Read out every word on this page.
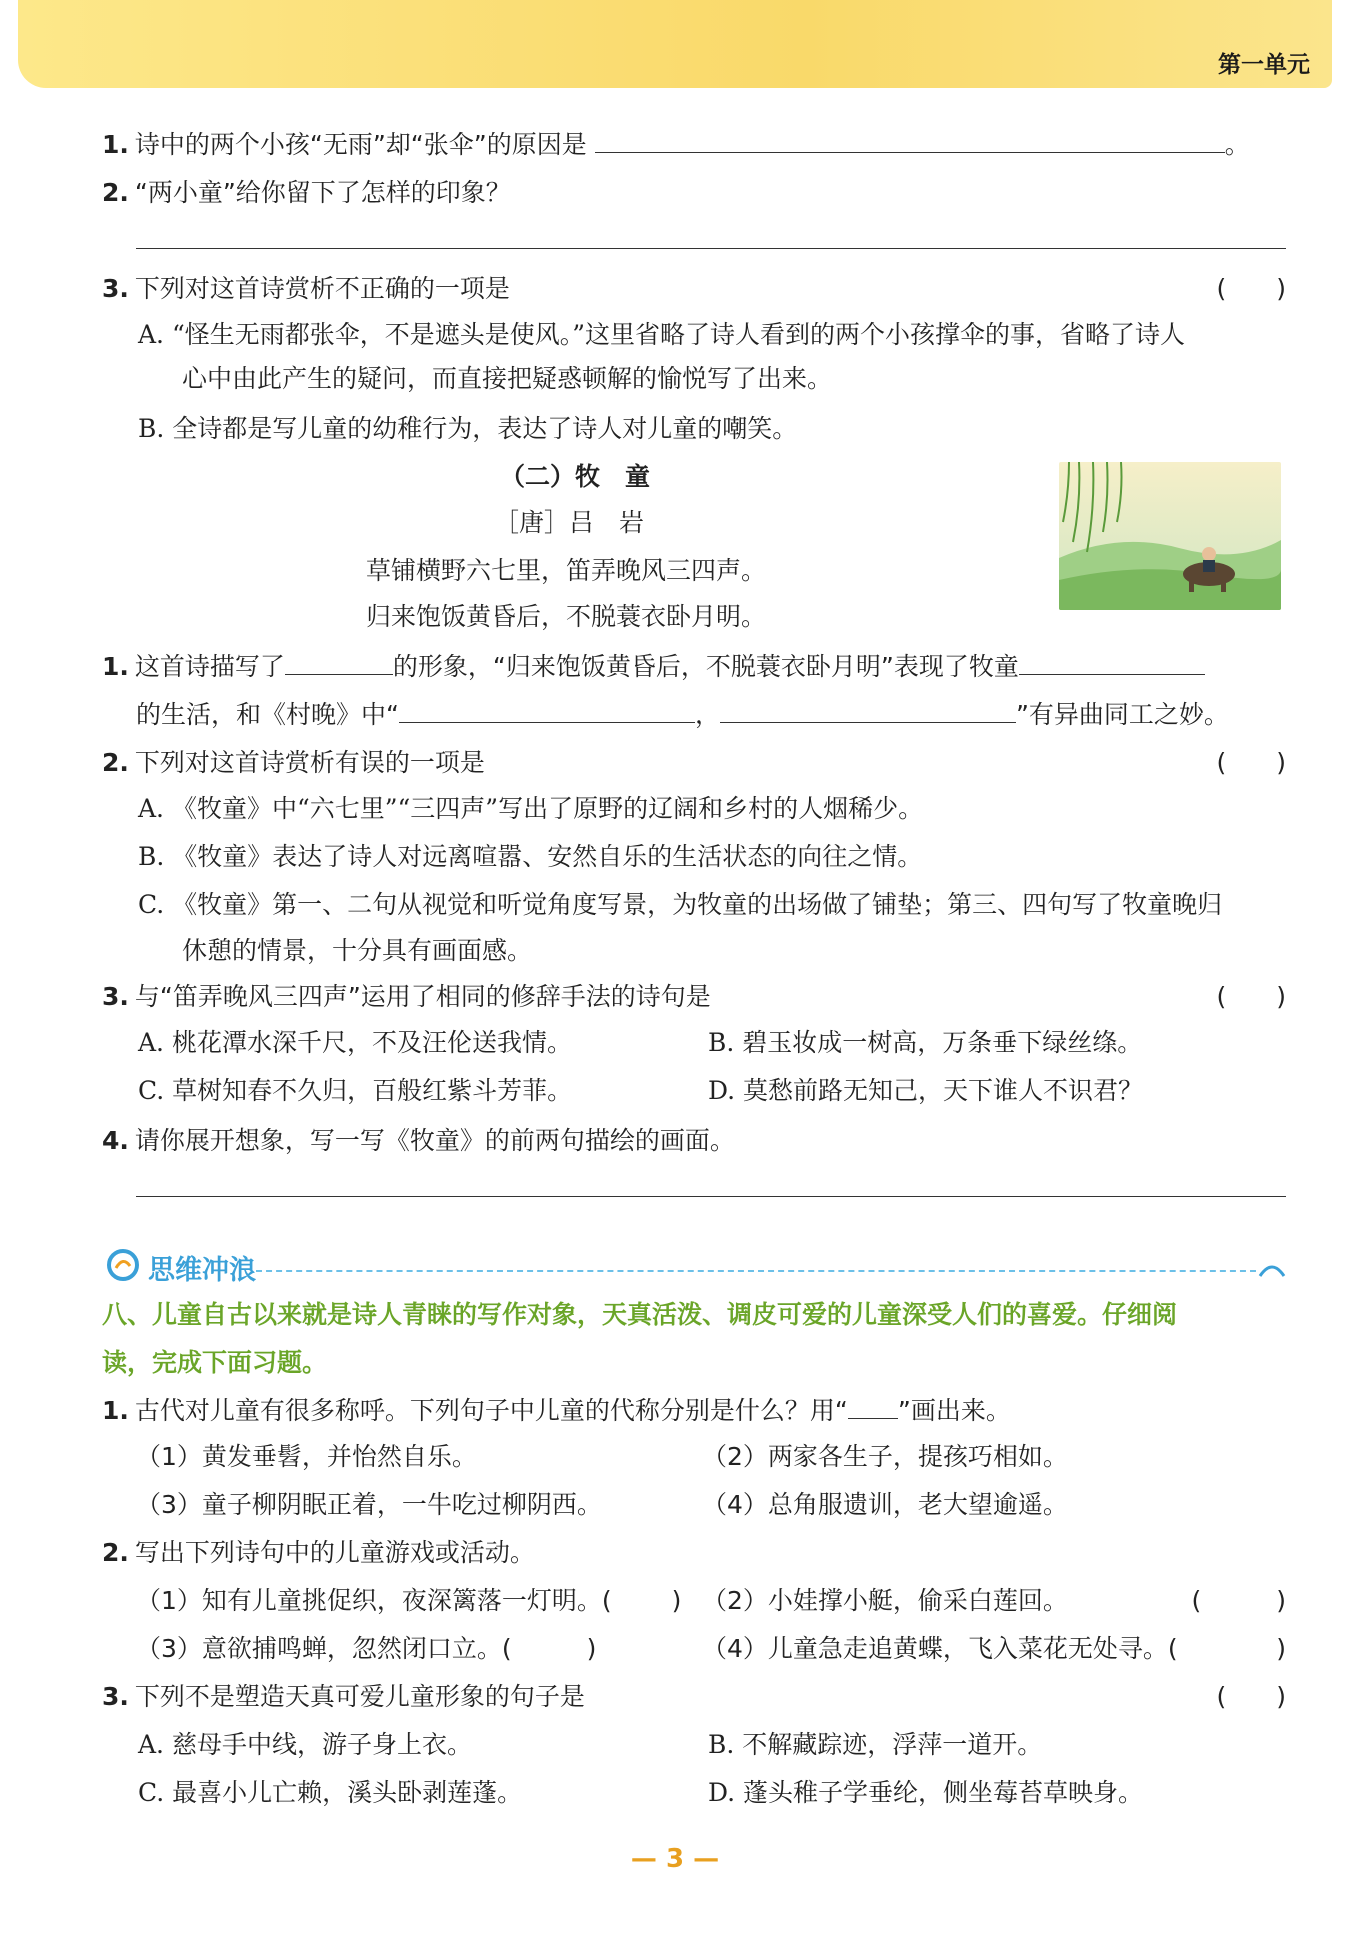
第一单元
1. 诗中的两个小孩“无雨”却“张伞”的原因是	。
2. “两小童”给你留下了怎样的印象？
3. 下列对这首诗赏析不正确的一项是	(　　)
A. “怪生无雨都张伞，不是遮头是使风。”这里省略了诗人看到的两个小孩撑伞的事，省略了诗人
心中由此产生的疑问，而直接把疑惑顿解的愉悦写了出来。
B. 全诗都是写儿童的幼稚行为，表达了诗人对儿童的嘲笑。
（二）牧　童
［唐］吕　岩
草铺横野六七里，笛弄晚风三四声。
归来饱饭黄昏后，不脱蓑衣卧月明。
1. 这首诗描写了	的形象，“归来饱饭黄昏后，不脱蓑衣卧月明”表现了牧童
的生活，和《村晚》中“	，	”有异曲同工之妙。
2. 下列对这首诗赏析有误的一项是	(　　)
A. 《牧童》中“六七里”“三四声”写出了原野的辽阔和乡村的人烟稀少。
B. 《牧童》表达了诗人对远离喧嚣、安然自乐的生活状态的向往之情。
C. 《牧童》第一、二句从视觉和听觉角度写景，为牧童的出场做了铺垫；第三、四句写了牧童晚归
休憩的情景，十分具有画面感。
3. 与“笛弄晚风三四声”运用了相同的修辞手法的诗句是	(　　)
A. 桃花潭水深千尺，不及汪伦送我情。	B. 碧玉妆成一树高，万条垂下绿丝绦。
C. 草树知春不久归，百般红紫斗芳菲。	D. 莫愁前路无知己，天下谁人不识君？
4. 请你展开想象，写一写《牧童》的前两句描绘的画面。
八、儿童自古以来就是诗人青睐的写作对象，天真活泼、调皮可爱的儿童深受人们的喜爱。仔细阅
读，完成下面习题。
1. 古代对儿童有很多称呼。下列句子中儿童的代称分别是什么？用“ ”画出来。
（1）黄发垂髫，并怡然自乐。	（2）两家各生子，提孩巧相如。
（3）童子柳阴眠正着，一牛吃过柳阴西。	（4）总角服遗训，老大望逾遥。
2. 写出下列诗句中的儿童游戏或活动。
（1）知有儿童挑促织，夜深篱落一灯明。( ) （2）小娃撑小艇，偷采白莲回。	(　　　)
（3）意欲捕鸣蝉，忽然闭口立。(　　　)	（4）儿童急走追黄蝶，飞入菜花无处寻。(	)
3. 下列不是塑造天真可爱儿童形象的句子是	(　　)
A. 慈母手中线，游子身上衣。	B. 不解藏踪迹，浮萍一道开。
C. 最喜小儿亡赖，溪头卧剥莲蓬。	D. 蓬头稚子学垂纶，侧坐莓苔草映身。
思维冲浪
— 3 —
